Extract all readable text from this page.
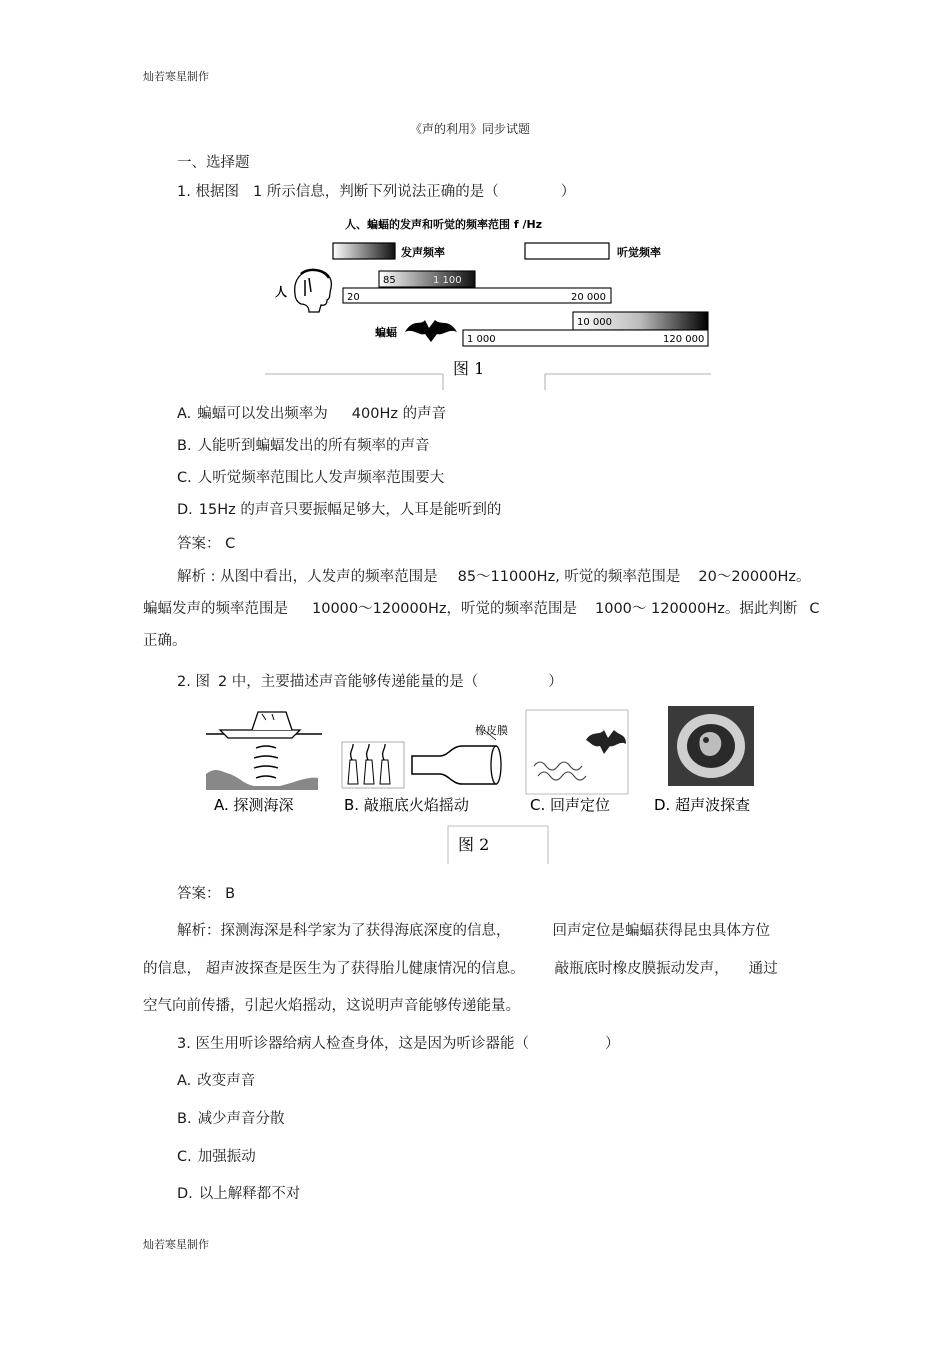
灿若寒星制作
灿若寒星制作
《声的利用》同步试题
一、选择题
1. 根据图 1 所示信息，判断下列说法正确的是（	）
人、蝙蝠的发声和听觉的频率范围 f /Hz
发声频率	听觉频率
人	20	20 000
85	1 100
蝙蝠
10 000
1 000	120 000
图 1
A. 蝙蝠可以发出频率为 400Hz 的声音
B. 人能听到蝙蝠发出的所有频率的声音
C. 人听觉频率范围比人发声频率范围要大
D. 15Hz 的声音只要振幅足够大，人耳是能听到的
答案： C
解析 : 从图中看出，人发声的频率范围是 85～11000Hz, 听觉的频率范围是 20～20000Hz。
蝙蝠发声的频率范围是 10000～120000Hz，听觉的频率范围是 1000～ 120000Hz。据此判断 C
正确。
2. 图 2 中，主要描述声音能够传递能量的是（	）
A. 探测海深
橡皮膜
B. 敲瓶底火焰摇动	C. 回声定位	D. 超声波探查
图 2
答案： B
解析：探测海深是科学家为了获得海底深度的信息，	回声定位是蝙蝠获得昆虫具体方位
的信息， 超声波探查是医生为了获得胎儿健康情况的信息。 敲瓶底时橡皮膜振动发声， 通过
空气向前传播，引起火焰摇动，这说明声音能够传递能量。
3. 医生用听诊器给病人检查身体，这是因为听诊器能（	）
A. 改变声音
B. 减少声音分散
C. 加强振动
D. 以上解释都不对
